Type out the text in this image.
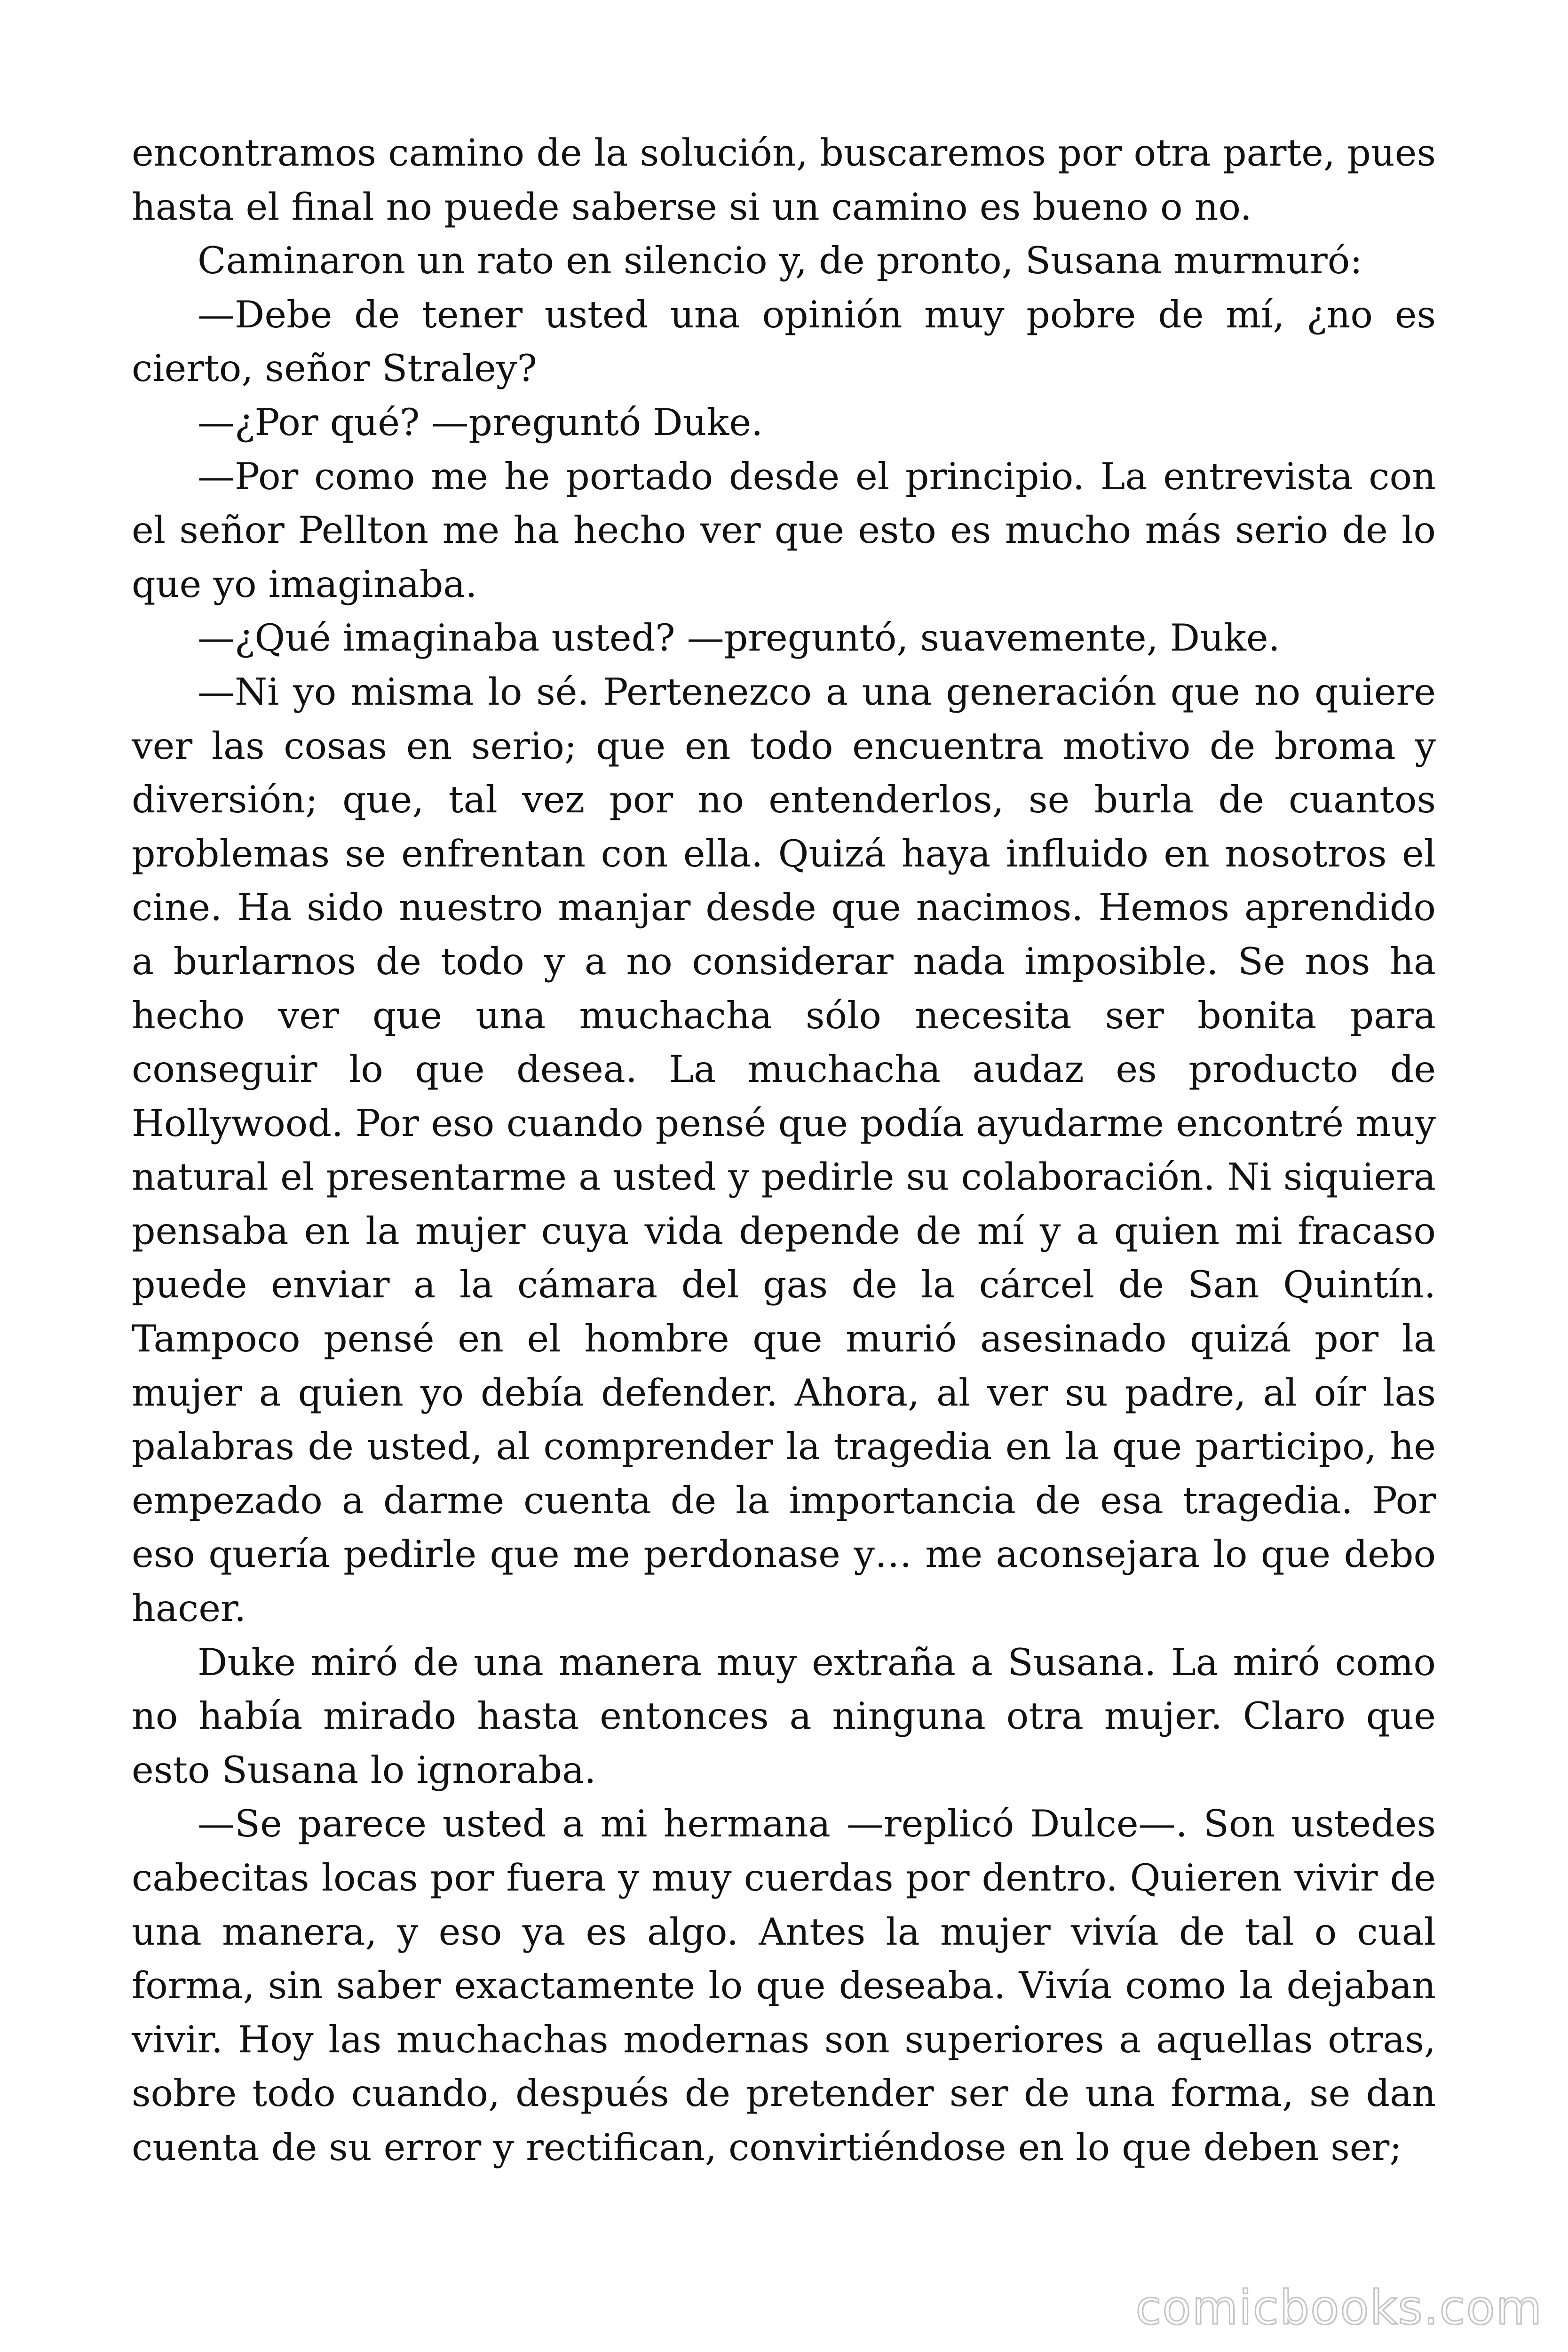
encontramos camino de la solución, buscaremos por otra parte, pues hasta el final no puede saberse si un camino es bueno o no.

Caminaron un rato en silencio y, de pronto, Susana murmuró:

—Debe de tener usted una opinión muy pobre de mí, ¿no es cierto, señor Straley?

—¿Por qué? —preguntó Duke.

—Por como me he portado desde el principio. La entrevista con el señor Pellton me ha hecho ver que esto es mucho más serio de lo que yo imaginaba.

—¿Qué imaginaba usted? —preguntó, suavemente, Duke.

—Ni yo misma lo sé. Pertenezco a una generación que no quiere ver las cosas en serio; que en todo encuentra motivo de broma y diversión; que, tal vez por no entenderlos, se burla de cuantos problemas se enfrentan con ella. Quizá haya influido en nosotros el cine. Ha sido nuestro manjar desde que nacimos. Hemos aprendido a burlarnos de todo y a no considerar nada imposible. Se nos ha hecho ver que una muchacha sólo necesita ser bonita para conseguir lo que desea. La muchacha audaz es producto de Hollywood. Por eso cuando pensé que podía ayudarme encontré muy natural el presentarme a usted y pedirle su colaboración. Ni siquiera pensaba en la mujer cuya vida depende de mí y a quien mi fracaso puede enviar a la cámara del gas de la cárcel de San Quintín. Tampoco pensé en el hombre que murió asesinado quizá por la mujer a quien yo debía defender. Ahora, al ver su padre, al oír las palabras de usted, al comprender la tragedia en la que participo, he empezado a darme cuenta de la importancia de esa tragedia. Por eso quería pedirle que me perdonase y… me aconsejara lo que debo hacer.

Duke miró de una manera muy extraña a Susana. La miró como no había mirado hasta entonces a ninguna otra mujer. Claro que esto Susana lo ignoraba.

—Se parece usted a mi hermana —replicó Dulce—. Son ustedes cabecitas locas por fuera y muy cuerdas por dentro. Quieren vivir de una manera, y eso ya es algo. Antes la mujer vivía de tal o cual forma, sin saber exactamente lo que deseaba. Vivía como la dejaban vivir. Hoy las muchachas modernas son superiores a aquellas otras, sobre todo cuando, después de pretender ser de una forma, se dan cuenta de su error y rectifican, convirtiéndose en lo que deben ser;

comicbooks.com
